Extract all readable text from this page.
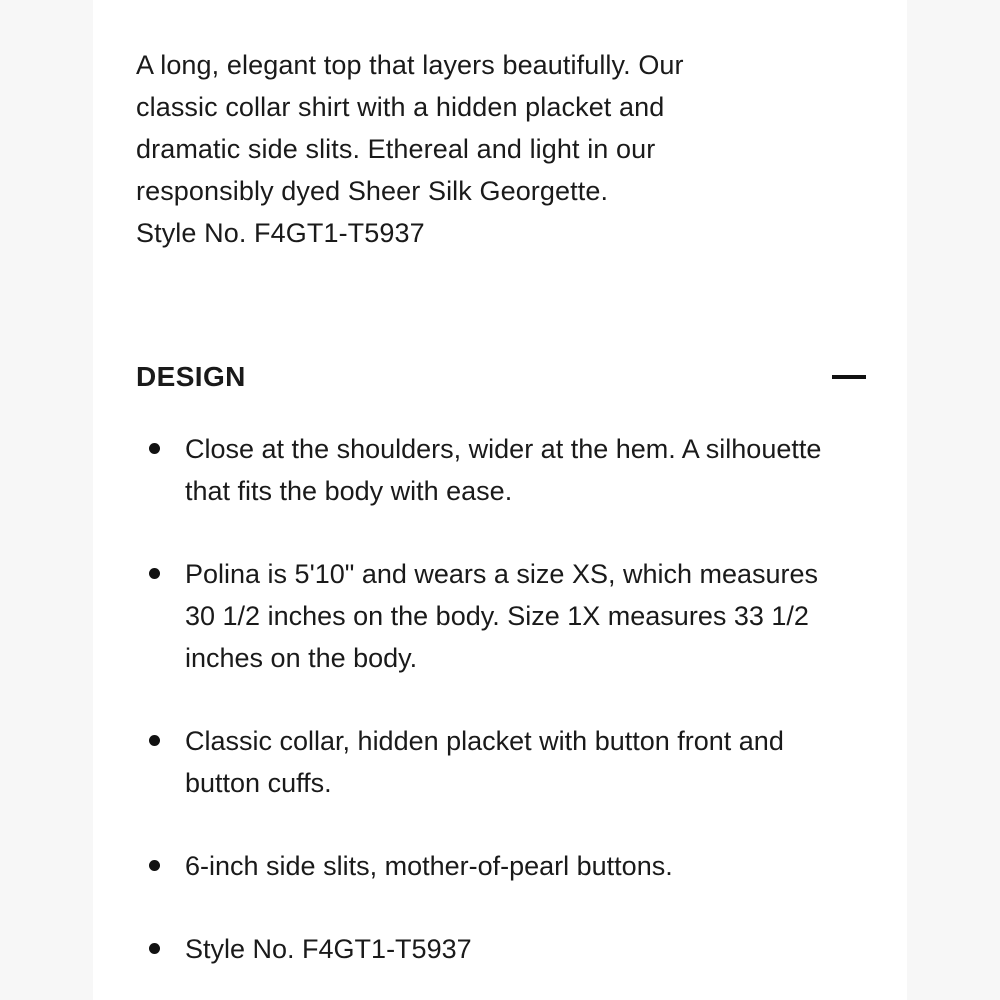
A long, elegant top that layers beautifully. Our

classic collar shirt with a hidden placket and

dramatic side slits. Ethereal and light in our

responsibly dyed Sheer Silk Georgette.

Style No. F4GT1-T5937

DESIGN
Close at the shoulders, wider at the hem. A silhouette that fits the body with ease.
Polina is 5'10" and wears a size XS, which measures 30 1/2 inches on the body. Size 1X measures 33 1/2 inches on the body.
Classic collar, hidden placket with button front and button cuffs.
6-inch side slits, mother-of-pearl buttons.
Style No. F4GT1-T5937
